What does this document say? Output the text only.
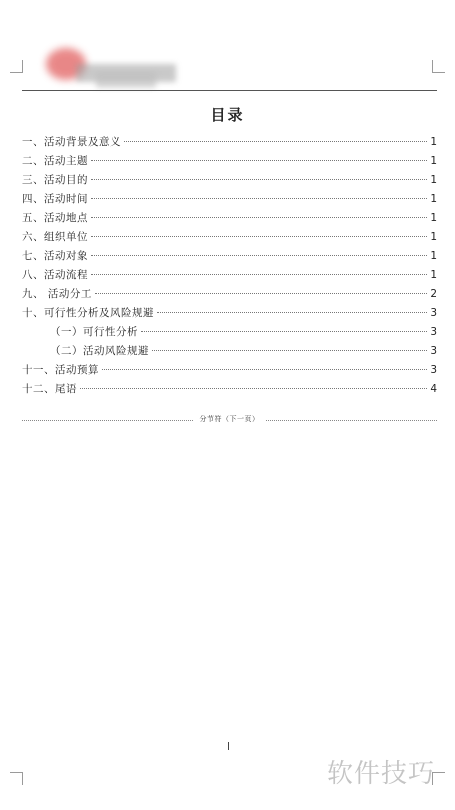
目录
一、活动背景及意义	1
二、活动主题	1
三、活动目的	1
四、活动时间	1
五、活动地点	1
六、组织单位	1
七、活动对象	1
八、活动流程	1
九、 活动分工	2
十、可行性分析及风险规避	3
（一）可行性分析	3
（二）活动风险规避	3
十一、活动预算	3
十二、尾语	4
分节符（下一页）
软件技巧
